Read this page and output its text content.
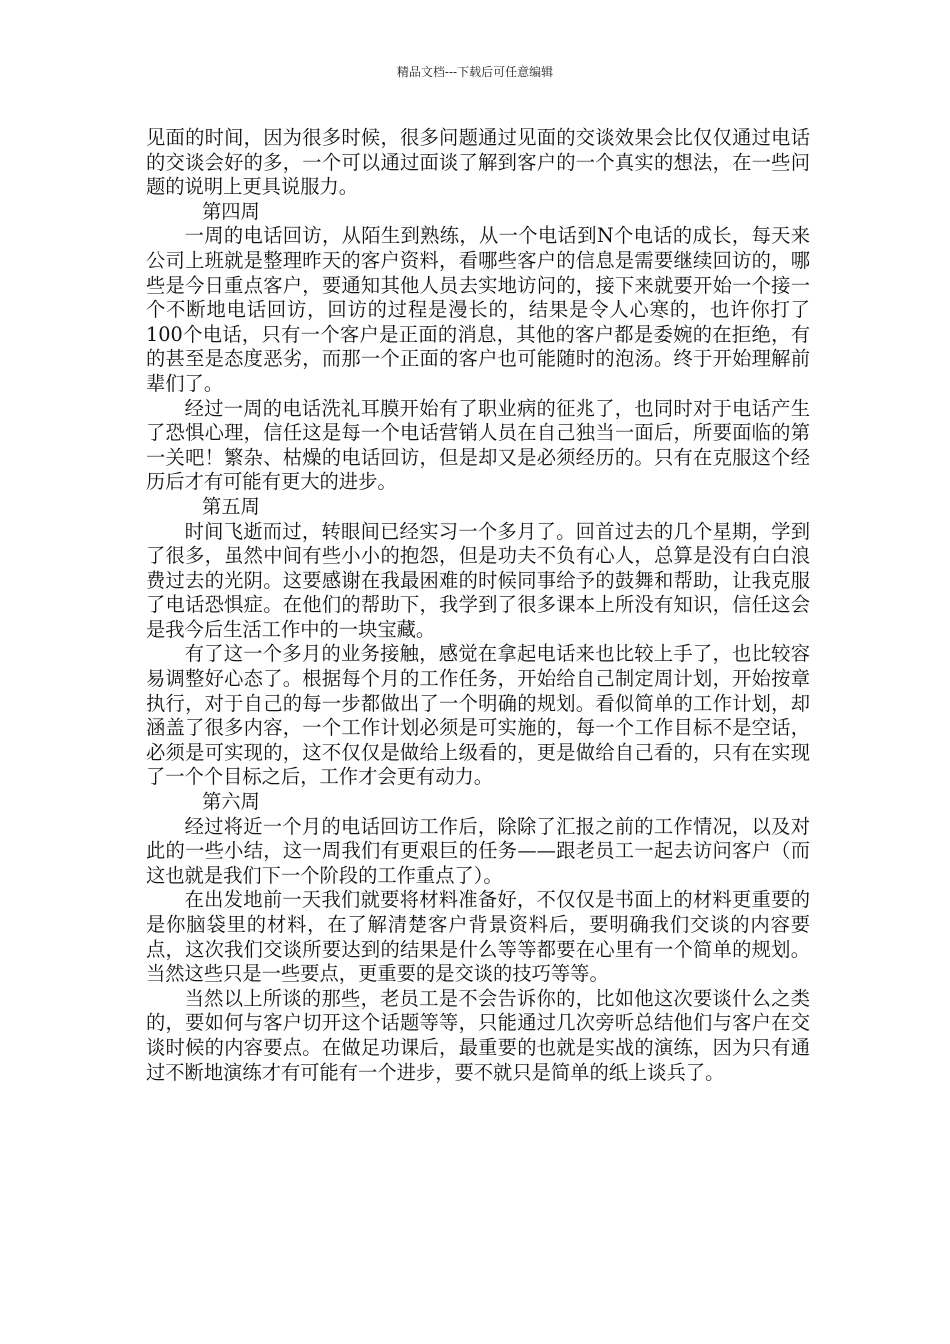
精品文档---下载后可任意编辑

见面的时间，因为很多时候，很多问题通过见面的交谈效果会比仅仅通过电话的交谈会好的多，一个可以通过面谈了解到客户的一个真实的想法，在一些问题的说明上更具说服力。

第四周

一周的电话回访，从陌生到熟练，从一个电话到N个电话的成长，每天来公司上班就是整理昨天的客户资料，看哪些客户的信息是需要继续回访的，哪些是今日重点客户，要通知其他人员去实地访问的，接下来就要开始一个接一个不断地电话回访，回访的过程是漫长的，结果是令人心寒的，也许你打了100个电话，只有一个客户是正面的消息，其他的客户都是委婉的在拒绝，有的甚至是态度恶劣，而那一个正面的客户也可能随时的泡汤。终于开始理解前辈们了。

经过一周的电话洗礼耳膜开始有了职业病的征兆了，也同时对于电话产生了恐惧心理，信任这是每一个电话营销人员在自己独当一面后，所要面临的第一关吧！繁杂、枯燥的电话回访，但是却又是必须经历的。只有在克服这个经历后才有可能有更大的进步。

第五周

时间飞逝而过，转眼间已经实习一个多月了。回首过去的几个星期，学到了很多，虽然中间有些小小的抱怨，但是功夫不负有心人，总算是没有白白浪费过去的光阴。这要感谢在我最困难的时候同事给予的鼓舞和帮助，让我克服了电话恐惧症。在他们的帮助下，我学到了很多课本上所没有知识，信任这会是我今后生活工作中的一块宝藏。

有了这一个多月的业务接触，感觉在拿起电话来也比较上手了，也比较容易调整好心态了。根据每个月的工作任务，开始给自己制定周计划，开始按章执行，对于自己的每一步都做出了一个明确的规划。看似简单的工作计划，却涵盖了很多内容，一个工作计划必须是可实施的，每一个工作目标不是空话，必须是可实现的，这不仅仅是做给上级看的，更是做给自己看的，只有在实现了一个个目标之后，工作才会更有动力。

第六周

经过将近一个月的电话回访工作后，除除了汇报之前的工作情况，以及对此的一些小结，这一周我们有更艰巨的任务——跟老员工一起去访问客户（而这也就是我们下一个阶段的工作重点了）。

在出发地前一天我们就要将材料准备好，不仅仅是书面上的材料更重要的是你脑袋里的材料，在了解清楚客户背景资料后，要明确我们交谈的内容要点，这次我们交谈所要达到的结果是什么等等都要在心里有一个简单的规划。当然这些只是一些要点，更重要的是交谈的技巧等等。

当然以上所谈的那些，老员工是不会告诉你的，比如他这次要谈什么之类的，要如何与客户切开这个话题等等，只能通过几次旁听总结他们与客户在交谈时候的内容要点。在做足功课后，最重要的也就是实战的演练，因为只有通过不断地演练才有可能有一个进步，要不就只是简单的纸上谈兵了。
